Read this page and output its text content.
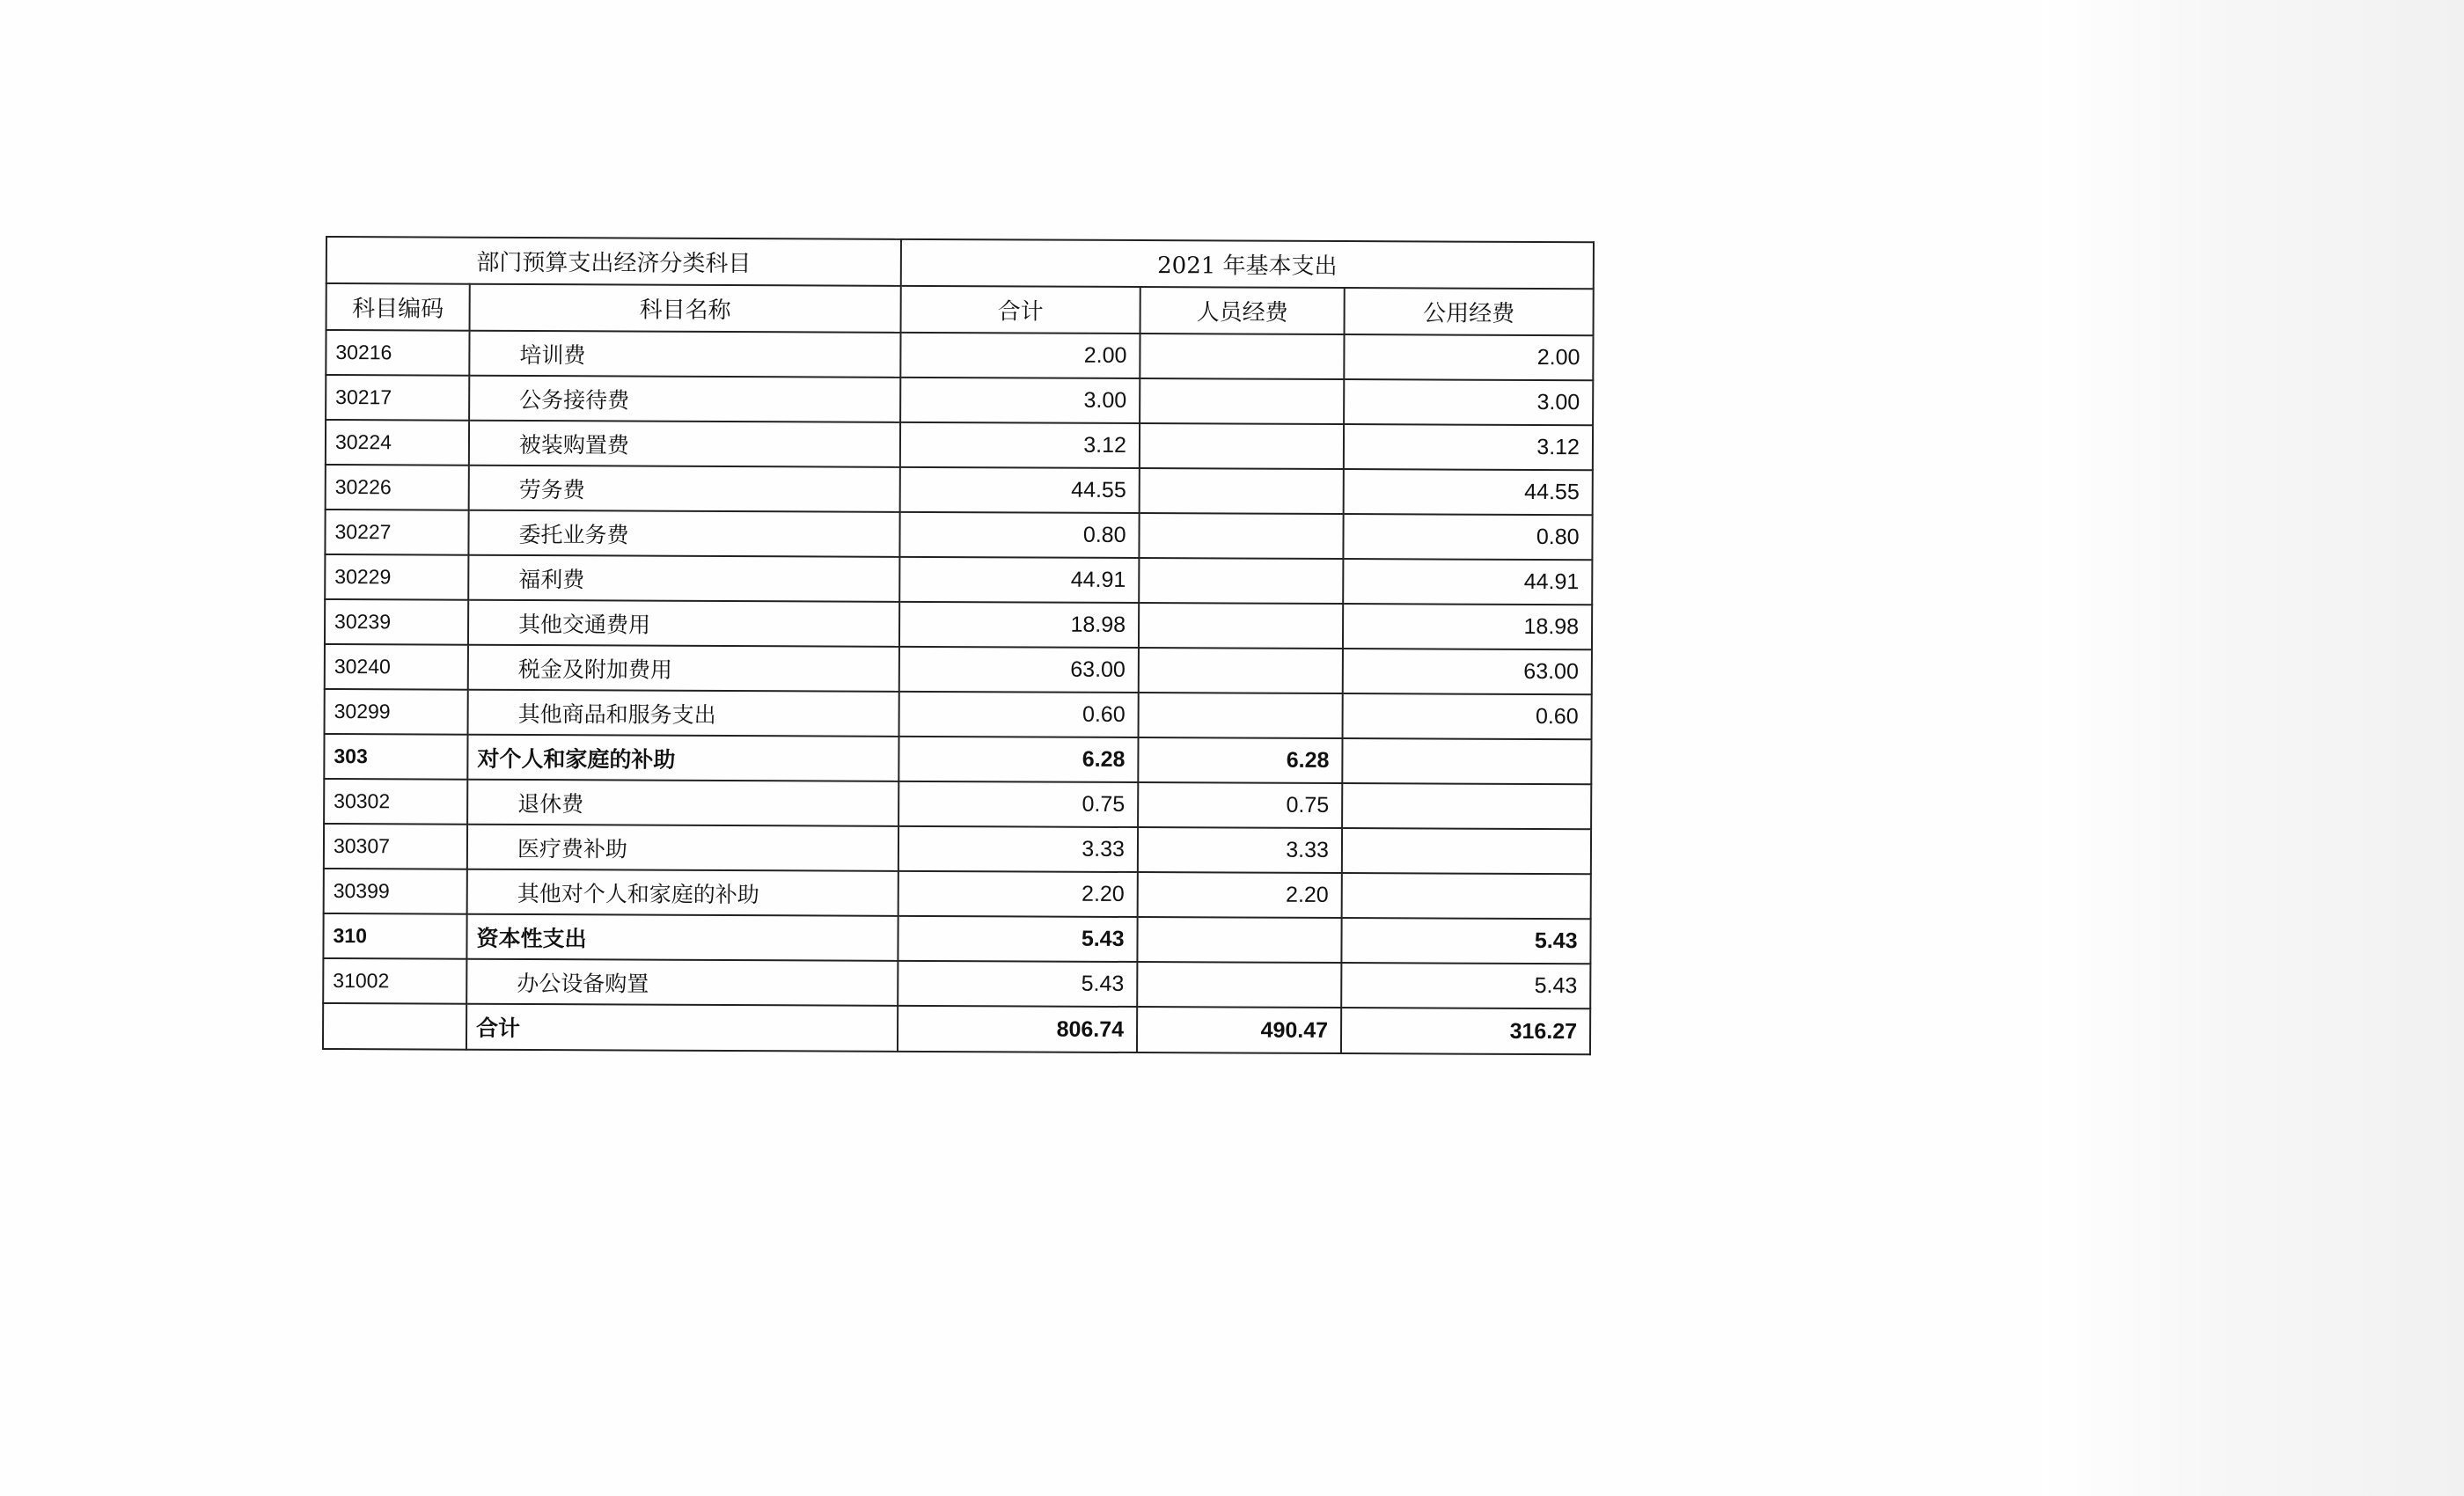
部门预算支出经济分类科目		2021 年基本支出		
科目编码	科目名称	合计	人员经费	公用经费
30216	培训费	2.00		2.00
30217	公务接待费	3.00		3.00
30224	被装购置费	3.12		3.12
30226	劳务费	44.55		44.55
30227	委托业务费	0.80		0.80
30229	福利费	44.91		44.91
30239	其他交通费用	18.98		18.98
30240	税金及附加费用	63.00		63.00
30299	其他商品和服务支出	0.60		0.60
303	对个人和家庭的补助	6.28	6.28	
30302	退休费	0.75	0.75	
30307	医疗费补助	3.33	3.33	
30399	其他对个人和家庭的补助	2.20	2.20	
310	资本性支出	5.43		5.43
31002	办公设备购置	5.43		5.43
	合计	806.74	490.47	316.27
